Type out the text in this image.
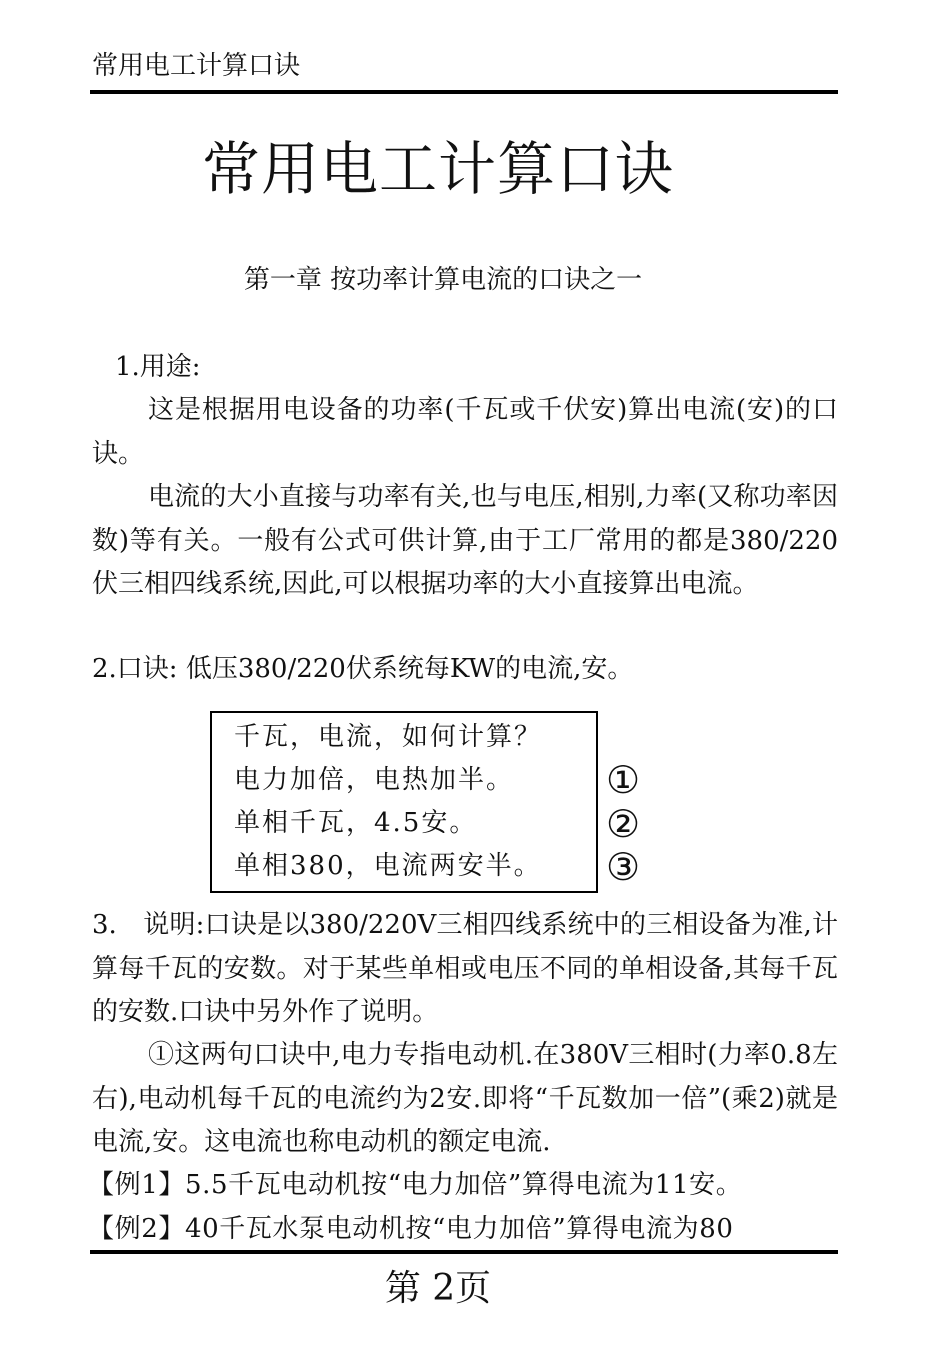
常用电工计算口诀
常用电工计算口诀
第一章 按功率计算电流的口诀之一
1.用途:

这是根据用电设备的功率(千瓦或千伏安)算出电流(安)的口诀。

电流的大小直接与功率有关,也与电压,相别,力率(又称功率因数)等有关。一般有公式可供计算,由于工厂常用的都是380/220伏三相四线系统,因此,可以根据功率的大小直接算出电流。

2.口诀: 低压380/220伏系统每KW的电流,安。
千瓦，电流，如何计算？
电力加倍，电热加半。
单相千瓦，4.5安。
单相380，电流两安半。
①
②
③

3.　说明:口诀是以380/220V三相四线系统中的三相设备为准,计算每千瓦的安数。对于某些单相或电压不同的单相设备,其每千瓦的安数.口诀中另外作了说明。

①这两句口诀中,电力专指电动机.在380V三相时(力率0.8左右),电动机每千瓦的电流约为2安.即将“千瓦数加一倍”(乘2)就是电流,安。这电流也称电动机的额定电流.

【例1】5.5千瓦电动机按“电力加倍”算得电流为11安。
【例2】40千瓦水泵电动机按“电力加倍”算得电流为80
第 2页
